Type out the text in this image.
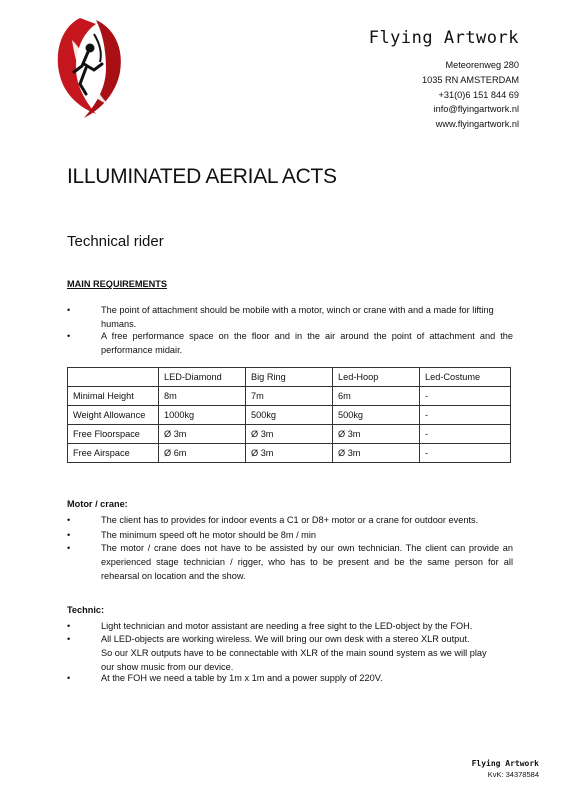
Flying Artwork
Meteorenweg 280
1035 RN AMSTERDAM
+31(0)6 151 844 69
info@flyingartwork.nl
www.flyingartwork.nl
ILLUMINATED AERIAL ACTS
Technical rider
MAIN REQUIREMENTS
•	The point of attachment should be mobile with a motor, winch or crane with and a made for lifting humans.
•	A free performance space on the floor and in the air around the point of attachment and the performance midair.
	LED-Diamond	Big Ring	Led-Hoop	Led-Costume
Minimal Height	8m	7m	6m	-
Weight Allowance	1000kg	500kg	500kg	-
Free Floorspace	Ø 3m	Ø 3m	Ø 3m	-
Free Airspace	Ø 6m	Ø 3m	Ø 3m	-
Motor / crane:
•	The client has to provides for indoor events a C1 or D8+ motor or a crane for outdoor events.
•	The minimum speed oft he motor should be 8m / min
•	The motor / crane does not have to be assisted by our own technician. The client can provide an experienced stage technician / rigger, who has to be present and be the same person for all rehearsal on location and the show.
Technic:
•	Light technician and motor assistant are needing a free sight to the LED-object by the FOH.
•	All LED-objects are working wireless. We will bring our own desk with a stereo XLR output.
So our XLR outputs have to be connectable with XLR of the main sound system as we will play our show music from our device.
•	At the FOH we need a table by 1m x 1m and a power supply of 220V.
Flying Artwork
KvK: 34378584
